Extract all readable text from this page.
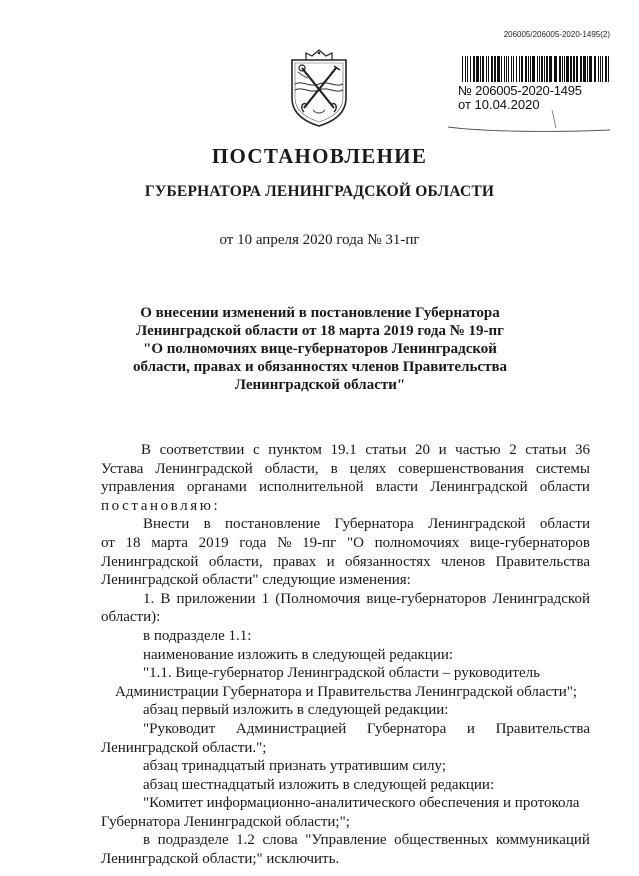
206005/206005-2020-1495(2)
№ 206005-2020-1495
от 10.04.2020
ПОСТАНОВЛЕНИЕ
ГУБЕРНАТОРА ЛЕНИНГРАДСКОЙ ОБЛАСТИ
от 10 апреля 2020 года № 31-пг
О внесении изменений в постановление Губернатора
Ленинградской области от 18 марта 2019 года № 19-пг
"О полномочиях вице-губернаторов Ленинградской
области, правах и обязанностях членов Правительства
Ленинградской области"
В соответствии с пунктом 19.1 статьи 20 и частью 2 статьи 36
Устава Ленинградской области, в целях совершенствования системы
управления органами исполнительной власти Ленинградской области
постановляю:
Внести в постановление Губернатора Ленинградской области
от 18 марта 2019 года № 19-пг "О полномочиях вице-губернаторов
Ленинградской области, правах и обязанностях членов Правительства
Ленинградской области" следующие изменения:
1. В приложении 1 (Полномочия вице-губернаторов Ленинградской
области):
в подразделе 1.1:
наименование изложить в следующей редакции:
"1.1. Вице-губернатор Ленинградской области – руководитель
Администрации Губернатора и Правительства Ленинградской области";
абзац первый изложить в следующей редакции:
"Руководит Администрацией Губернатора и Правительства
Ленинградской области.";
абзац тринадцатый признать утратившим силу;
абзац шестнадцатый изложить в следующей редакции:
"Комитет информационно-аналитического обеспечения и протокола
Губернатора Ленинградской области;";
в подразделе 1.2 слова "Управление общественных коммуникаций
Ленинградской области;" исключить.
